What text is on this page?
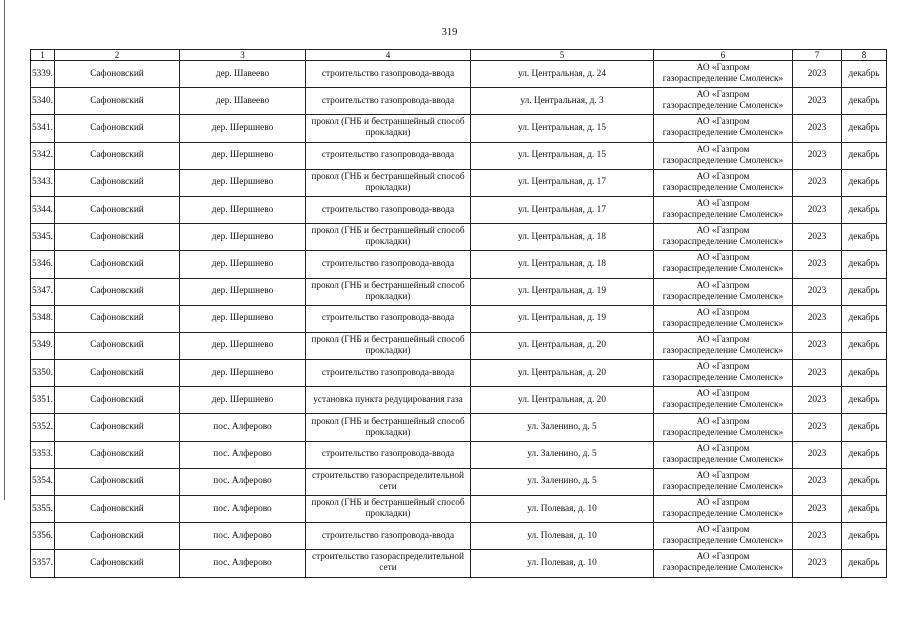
319
1	2	3	4	5	6	7	8
5339.	Сафоновский	дер. Шавеево	строительство газопровода-ввода	ул. Центральная, д. 24	АО «Газпром
газораспределение Смоленск»	2023	декабрь
5340.	Сафоновский	дер. Шавеево	строительство газопровода-ввода	ул. Центральная, д. 3	АО «Газпром
газораспределение Смоленск»	2023	декабрь
5341.	Сафоновский	дер. Шершнево	прокол (ГНБ и бестраншейный способ прокладки)	ул. Центральная, д. 15	АО «Газпром
газораспределение Смоленск»	2023	декабрь
5342.	Сафоновский	дер. Шершнево	строительство газопровода-ввода	ул. Центральная, д. 15	АО «Газпром
газораспределение Смоленск»	2023	декабрь
5343.	Сафоновский	дер. Шершнево	прокол (ГНБ и бестраншейный способ прокладки)	ул. Центральная, д. 17	АО «Газпром
газораспределение Смоленск»	2023	декабрь
5344.	Сафоновский	дер. Шершнево	строительство газопровода-ввода	ул. Центральная, д. 17	АО «Газпром
газораспределение Смоленск»	2023	декабрь
5345.	Сафоновский	дер. Шершнево	прокол (ГНБ и бестраншейный способ прокладки)	ул. Центральная, д. 18	АО «Газпром
газораспределение Смоленск»	2023	декабрь
5346.	Сафоновский	дер. Шершнево	строительство газопровода-ввода	ул. Центральная, д. 18	АО «Газпром
газораспределение Смоленск»	2023	декабрь
5347.	Сафоновский	дер. Шершнево	прокол (ГНБ и бестраншейный способ прокладки)	ул. Центральная, д. 19	АО «Газпром
газораспределение Смоленск»	2023	декабрь
5348.	Сафоновский	дер. Шершнево	строительство газопровода-ввода	ул. Центральная, д. 19	АО «Газпром
газораспределение Смоленск»	2023	декабрь
5349.	Сафоновский	дер. Шершнево	прокол (ГНБ и бестраншейный способ прокладки)	ул. Центральная, д. 20	АО «Газпром
газораспределение Смоленск»	2023	декабрь
5350.	Сафоновский	дер. Шершнево	строительство газопровода-ввода	ул. Центральная, д. 20	АО «Газпром
газораспределение Смоленск»	2023	декабрь
5351.	Сафоновский	дер. Шершнево	установка пункта редуцирования газа	ул. Центральная, д. 20	АО «Газпром
газораспределение Смоленск»	2023	декабрь
5352.	Сафоновский	пос. Алферово	прокол (ГНБ и бестраншейный способ прокладки)	ул. Заленино, д. 5	АО «Газпром
газораспределение Смоленск»	2023	декабрь
5353.	Сафоновский	пос. Алферово	строительство газопровода-ввода	ул. Заленино, д. 5	АО «Газпром
газораспределение Смоленск»	2023	декабрь
5354.	Сафоновский	пос. Алферово	строительство газораспределительной сети	ул. Заленино, д. 5	АО «Газпром
газораспределение Смоленск»	2023	декабрь
5355.	Сафоновский	пос. Алферово	прокол (ГНБ и бестраншейный способ прокладки)	ул. Полевая, д. 10	АО «Газпром
газораспределение Смоленск»	2023	декабрь
5356.	Сафоновский	пос. Алферово	строительство газопровода-ввода	ул. Полевая, д. 10	АО «Газпром
газораспределение Смоленск»	2023	декабрь
5357.	Сафоновский	пос. Алферово	строительство газораспределительной сети	ул. Полевая, д. 10	АО «Газпром
газораспределение Смоленск»	2023	декабрь
